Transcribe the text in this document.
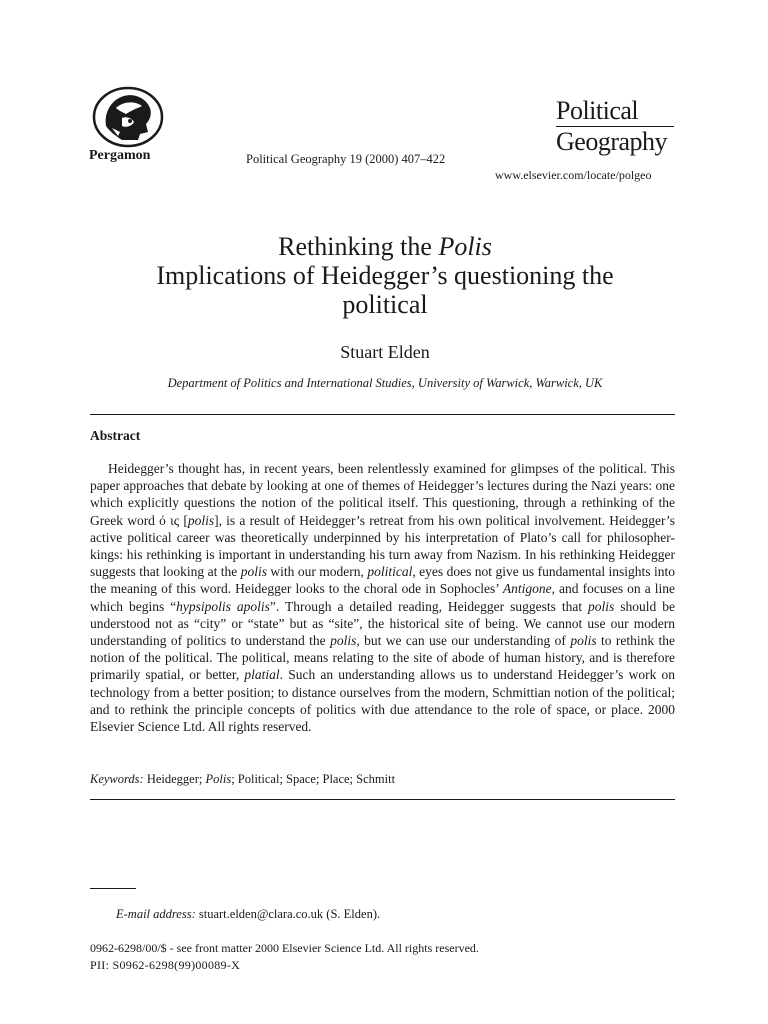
Pergamon	Political Geography 19 (2000) 407–422
Political
Geography
www.elsevier.com/locate/polgeo
Rethinking the Polis
Implications of Heidegger’s questioning the
political
Stuart Elden
Department of Politics and International Studies, University of Warwick, Warwick, UK
Abstract
Heidegger’s thought has, in recent years, been relentlessly examined for glimpses of the political. This paper approaches that debate by looking at one of themes of Heidegger’s lectures during the Nazi years: one which explicitly questions the notion of the political itself. This questioning, through a rethinking of the Greek word ό ις [polis], is a result of Heidegger’s retreat from his own political involvement. Heidegger’s active political career was theoretically underpinned by his interpretation of Plato’s call for philosopher-kings: his rethinking is important in understanding his turn away from Nazism. In his rethinking Heidegger suggests that looking at the polis with our modern, political, eyes does not give us fundamental insights into the meaning of this word. Heidegger looks to the choral ode in Sophocles’ Antigone, and focuses on a line which begins “hypsipolis apolis”. Through a detailed reading, Heidegger suggests that polis should be understood not as “city” or “state” but as “site”, the historical site of being. We cannot use our modern understanding of politics to understand the polis, but we can use our understanding of polis to rethink the notion of the political. The political, means relating to the site of abode of human history, and is therefore primarily spatial, or better, platial. Such an understanding allows us to understand Heidegger’s work on technology from a better position; to distance ourselves from the modern, Schmittian notion of the political; and to rethink the principle concepts of politics with due attendance to the role of space, or place. 2000 Elsevier Science Ltd. All rights reserved.
Keywords: Heidegger; Polis; Political; Space; Place; Schmitt
E-mail address: stuart.elden@clara.co.uk (S. Elden).
0962-6298/00/$ - see front matter 2000 Elsevier Science Ltd. All rights reserved.
PII: S0962-6298(99)00089-X
